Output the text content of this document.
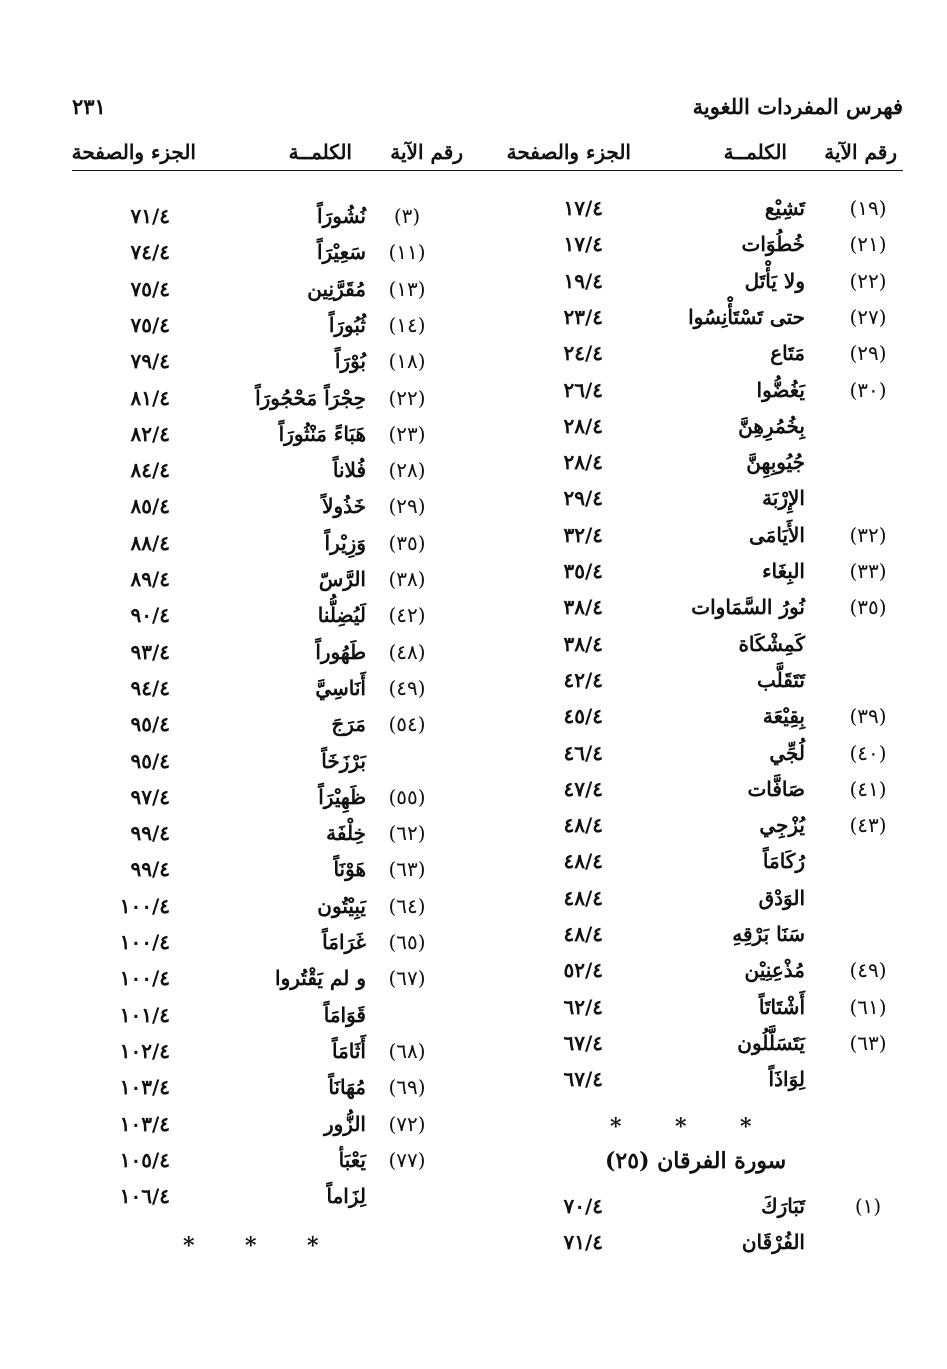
فهرس المفردات اللغوية
٢٣١
رقم الآية
الكلمــة
الجزء والصفحة
رقم الآية
الكلمــة
الجزء والصفحة
(١٩)
تَشِيْع
١٧/٤
(٢١)
خُطُوَات
١٧/٤
(٢٢)
ولا يَأْتَل
١٩/٤
(٢٧)
حتى تَسْتَأْنِسُوا
٢٣/٤
(٢٩)
مَتَاع
٢٤/٤
(٣٠)
يَغُضُّوا
٢٦/٤
بِخُمُرِهِنَّ
٢٨/٤
جُيُوبِهِنَّ
٢٨/٤
الإِرْبَة
٢٩/٤
(٣٢)
الأَيَامَى
٣٢/٤
(٣٣)
البِغَاء
٣٥/٤
(٣٥)
نُورُ السَّمَاوات
٣٨/٤
كَمِشْكَاة
٣٨/٤
تَتَقَلَّب
٤٢/٤
(٣٩)
بِقِيْعَة
٤٥/٤
(٤٠)
لُجِّي
٤٦/٤
(٤١)
صَافَّات
٤٧/٤
(٤٣)
يُزْجِي
٤٨/٤
رُكَامَاً
٤٨/٤
الوَدْق
٤٨/٤
سَنَا بَرْقِهِ
٤٨/٤
(٤٩)
مُذْعِنِيْن
٥٢/٤
(٦١)
أَشْتَاتَاً
٦٢/٤
(٦٣)
يَتَسَلَّلُون
٦٧/٤
لِوَاذَاً
٦٧/٤
(١)
تَبَارَكَ
٧٠/٤
الفُرْقَان
٧١/٤
(٣)
نُشُورَاً
٧١/٤
(١١)
سَعِيْرَاً
٧٤/٤
(١٣)
مُقَرَّنِين
٧٥/٤
(١٤)
ثُبُورَاً
٧٥/٤
(١٨)
بُوْرَاً
٧٩/٤
(٢٢)
حِجْرَاً مَحْجُورَاً
٨١/٤
(٢٣)
هَبَاءً مَنْثُورَاً
٨٢/٤
(٢٨)
فُلاناً
٨٤/٤
(٢٩)
خَذُولاً
٨٥/٤
(٣٥)
وَزِيْراً
٨٨/٤
(٣٨)
الرَّسّ
٨٩/٤
(٤٢)
لَيُضِلُّنا
٩٠/٤
(٤٨)
طَهُوراً
٩٣/٤
(٤٩)
أَنَاسِيَّ
٩٤/٤
(٥٤)
مَرَجَ
٩٥/٤
بَرْزَخَاً
٩٥/٤
(٥٥)
ظَهِيْرَاً
٩٧/٤
(٦٢)
خِلْفَة
٩٩/٤
(٦٣)
هَوْنَاً
٩٩/٤
(٦٤)
يَبِيْتُون
١٠٠/٤
(٦٥)
غَرَامَاً
١٠٠/٤
(٦٧)
و لم يَقْتُروا
١٠٠/٤
قَوَامَاً
١٠١/٤
(٦٨)
أَثَامَاً
١٠٢/٤
(٦٩)
مُهَانَاً
١٠٣/٤
(٧٢)
الزُّور
١٠٣/٤
(٧٧)
يَعْبَأ
١٠٥/٤
لِزَاماً
١٠٦/٤
* * *
سورة الفرقان (٢٥)
* * *
